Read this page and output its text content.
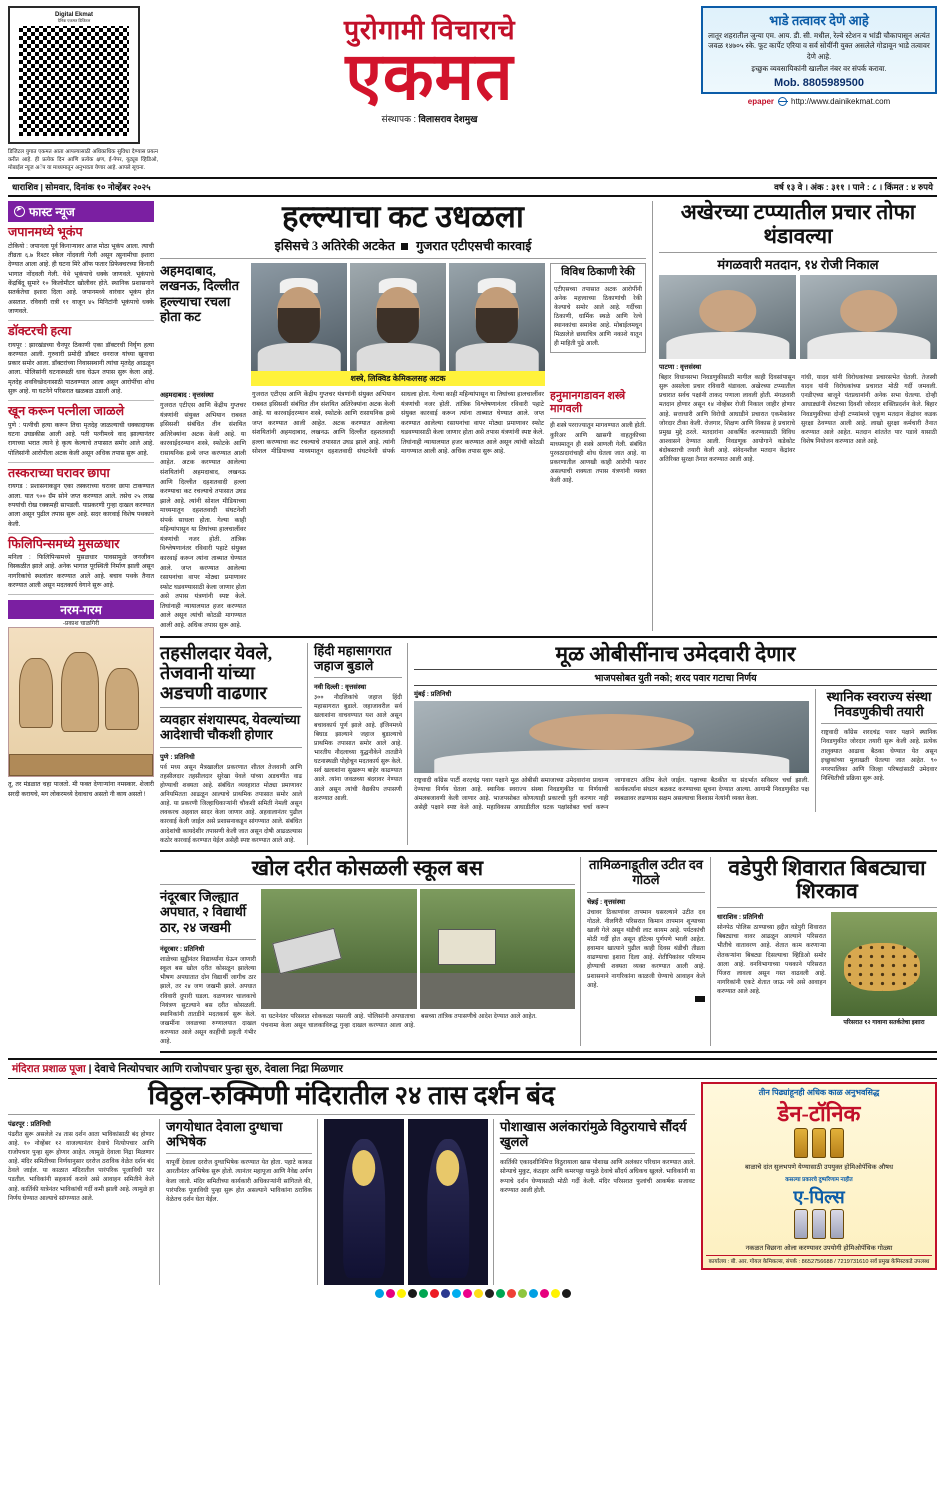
Digital Ekmat
दैनिक एकमत डिजिटल
डिजिटल युगात एकमत आता आपल्यासाठी अधिकाधिक सुविधा देण्यास प्रयत्न करीत आहे. ही प्रत्येक दिन आणि प्रत्येक क्षण, ई-पेपर, यूट्यूब व्हिडिओ, मोबाईल न्यूज अॅप या माध्यमातून अनुभवता येणार आहे. आपले सूचना.
पुरोगामी विचाराचे
एकमत
संस्थापक : विलासराव देशमुख
भाडे तत्वावर देणे आहे
लातूर शहरातील जुन्या एम. आय. डी. सी. मधील, रेल्वे स्टेशन व भांडी चौकापासून अत्यंत जवळ १४७०५ स्के. फूट कार्पेट एरिया व सर्व सोयींनी युक्त असलेले गोडावून भाडे तत्वावर देणे आहे.
इच्छुक व्यवसायिकांनी खालील नंबर वर संपर्क करावा.
Mob. 8805989500
epaper http://www.dainikekmat.com
धाराशिव | सोमवार, दिनांक १० नोव्हेंबर २०२५	वर्ष १३ वे । अंक : ३११ । पाने : ८ । किंमत : ४ रुपये
➤
फास्ट न्यूज
जपानमध्ये भूकंप
टोकियो : जपानला पूर्व किनाऱ्यावर आज मोठा भूकंप आला. त्याची तीव्रता ६.७ रिश्टर स्केल नोंदवली गेली असून त्सुनामीचा इशारा देण्यात आला आहे. ही घटना मिरे ऑफ फतार प्रिफेक्चरच्या किनारी भागात नोंदवली गेली. येथे भूकंपाचे धक्के जाणवले. भूकंपाचे केंद्रबिंदू सुमारे १० किलोमीटर खोलीवर होते. स्थानिक प्रशासनाने सतर्कतेचा इशारा दिला आहे. जपानमध्ये वारंवार भूकंप होत असतात. रविवारी रात्री ११ वाजून ४५ मिनिटांनी भूकंपाचे धक्के जाणवले.
डॉक्टरची हत्या
रायपूर : झारखंडच्या चैनपूर ठिकाणी एका डॉक्टरची निर्घृण हत्या करण्यात आली. गुरुवारी प्रमोदी डॉक्टर धनराज यांच्या खुनाचा प्रकार समोर आला. डॉक्टरांच्या निवासस्थानी त्यांचा मृतदेह आढळून आला. पोलिसांनी घटनास्थळी धाव घेऊन तपास सुरू केला आहे. मृतदेह शवविच्छेदनासाठी पाठवण्यात आला असून आरोपींचा शोध सुरू आहे. या घटनेने परिसरात खळबळ उडाली आहे.
खून करून पत्नीला जाळले
पुणे : पत्नीची हत्या करून तिचा मृतदेह जाळल्याची धक्कादायक घटना उघडकीस आली आहे. पती पत्नीमध्ये वाद झाल्यानंतर रागाच्या भरात त्याने हे कृत्य केल्याचे तपासात समोर आले आहे. पोलिसांनी आरोपीला अटक केली असून अधिक तपास सुरू आहे.
तस्कराच्या घरावर छापा
रायगड : प्रशासनाकडून एका तस्कराच्या घरावर छापा टाकण्यात आला. यात ९०० ग्रॅम सोने जप्त करण्यात आले. तसेच २५ लाख रुपयांची रोख रक्कमही सापडली. याप्रकरणी गुन्हा दाखल करण्यात आला असून पुढील तपास सुरू आहे. सदर कारवाई विशेष पथकाने केली.
फिलिपिन्समध्ये मुसळधार
मनिला : फिलिपिन्समध्ये मुसळधार पावसामुळे जनजीवन विस्कळीत झाले आहे. अनेक भागात पूरस्थिती निर्माण झाली असून नागरिकांचे स्थलांतर करण्यात आले आहे. बचाव पथके तैनात करण्यात आली असून मदतकार्य वेगाने सुरू आहे.
नरम-गरम
-प्रकाश चाळगिरी
तू, तर मंडळात चहा पाजतो. मी फक्त देणाऱ्यांना नमस्कार. शेजारी सरदी करायचे, मग लोकरमध्ये देवाचाच असतो नी काय असतो !
हल्ल्याचा कट उधळला
इसिसचे 3 अतिरेकी अटकेत गुजरात एटीएसची कारवाई
अहमदाबाद, लखनऊ, दिल्लीत हल्ल्याचा रचला होता कट
शस्त्रे, लिक्विड केमिकलसह अटक
विविध ठिकाणी रेकी
एटीएसच्या तपासात अटक आरोपींनी अनेक महत्त्वाच्या ठिकाणांची रेकी केल्याचे समोर आले आहे. गर्दीच्या ठिकाणी, धार्मिक स्थळे आणि रेल्वे स्थानकांचा समावेश आहे. मोबाईलमधून मिळालेले छायाचित्र आणि नकाशे यातून ही माहिती पुढे आली.
अहमदाबाद : वृत्तसंस्था
गुजरात एटीएस आणि केंद्रीय गुप्तचर यंत्रणांनी संयुक्त अभियान राबवत इसिसशी संबंधित तीन संशयित अतिरेक्यांना अटक केली आहे. या कारवाईदरम्यान शस्त्रे, स्फोटके आणि रासायनिक द्रव्ये जप्त करण्यात आली आहेत. अटक करण्यात आलेल्या संशयितांनी अहमदाबाद, लखनऊ आणि दिल्लीत दहशतवादी हल्ला करण्याचा कट रचल्याचे तपासात उघड झाले आहे. त्यांनी सोशल मीडियाच्या माध्यमातून दहशतवादी संघटनेशी संपर्क साधला होता. गेल्या काही महिन्यांपासून या तिघांच्या हालचालींवर यंत्रणांची नजर होती. तांत्रिक विश्लेषणानंतर रविवारी पहाटे संयुक्त कारवाई करून त्यांना ताब्यात घेण्यात आले. जप्त करण्यात आलेल्या रसायनांचा वापर मोठ्या प्रमाणावर स्फोट घडवण्यासाठी केला जाणार होता असे तपास यंत्रणांनी स्पष्ट केले. तिघांनाही न्यायालयात हजर करण्यात आले असून त्यांची कोठडी मागण्यात आली आहे. अधिक तपास सुरू आहे.
गुजरात एटीएस आणि केंद्रीय गुप्तचर यंत्रणांनी संयुक्त अभियान राबवत इसिसशी संबंधित तीन संशयित अतिरेक्यांना अटक केली आहे. या कारवाईदरम्यान शस्त्रे, स्फोटके आणि रासायनिक द्रव्ये जप्त करण्यात आली आहेत. अटक करण्यात आलेल्या संशयितांनी अहमदाबाद, लखनऊ आणि दिल्लीत दहशतवादी हल्ला करण्याचा कट रचल्याचे तपासात उघड झाले आहे. त्यांनी सोशल मीडियाच्या माध्यमातून दहशतवादी संघटनेशी संपर्क साधला होता. गेल्या काही महिन्यांपासून या तिघांच्या हालचालींवर यंत्रणांची नजर होती. तांत्रिक विश्लेषणानंतर रविवारी पहाटे संयुक्त कारवाई करून त्यांना ताब्यात घेण्यात आले. जप्त करण्यात आलेल्या रसायनांचा वापर मोठ्या प्रमाणावर स्फोट घडवण्यासाठी केला जाणार होता असे तपास यंत्रणांनी स्पष्ट केले. तिघांनाही न्यायालयात हजर करण्यात आले असून त्यांची कोठडी मागण्यात आली आहे. अधिक तपास सुरू आहे.
हनुमानगडावन शस्त्रे मागवली
ही शस्त्रे परराज्यातून मागवण्यात आली होती. कुरिअर आणि खासगी वाहतुकीच्या माध्यमातून ही शस्त्रे आणली गेली. संबंधित पुरवठादारांचाही शोध घेतला जात आहे. या प्रकरणातील आणखी काही आरोपी फरार असल्याची शक्यता तपास यंत्रणांनी व्यक्त केली आहे.
अखेरच्या टप्प्यातील प्रचार तोफा थंडावल्या
मंगळवारी मतदान, १४ रोजी निकाल
पाटणा : वृत्तसंस्था
बिहार विधानसभा निवडणुकीसाठी मागील काही दिवसांपासून सुरू असलेला प्रचार रविवारी थंडावला. अखेरच्या टप्प्यातील प्रचारात सर्वच पक्षांनी ताकद पणाला लावली होती. मंगळवारी मतदान होणार असून १४ नोव्हेंबर रोजी निकाल जाहीर होणार आहे. सत्ताधारी आणि विरोधी आघाडीने प्रचारात एकमेकांवर जोरदार टीका केली. रोजगार, शिक्षण आणि विकास हे प्रचाराचे प्रमुख मुद्दे ठरले. मतदारांना आकर्षित करण्यासाठी विविध आश्वासने देण्यात आली. निवडणूक आयोगाने कडेकोट बंदोबस्ताची तयारी केली आहे. संवेदनशील मतदान केंद्रांवर अतिरिक्त सुरक्षा तैनात करण्यात आली आहे.
गांधी, यादव यांनी विरोधकांच्या प्रचारसभेत घेतली. तेजस्वी यादव यांनी विरोधकांच्या प्रचारात मोठी गर्दी जमवली. एनडीएच्या बाजूने पंतप्रधानांनी अनेक सभा घेतल्या. दोन्ही आघाड्यांनी शेवटच्या दिवशी जोरदार शक्तिप्रदर्शन केले. बिहार निवडणुकीच्या दोन्ही टप्प्यांमध्ये एकूण मतदान केंद्रांवर कडक सुरक्षा ठेवण्यात आली आहे. लाखो सुरक्षा कर्मचारी तैनात करण्यात आले आहेत. मतदान शांततेत पार पडावे यासाठी विशेष नियोजन करण्यात आले आहे.
तहसीलदार येवले, तेजवानी यांच्या अडचणी वाढणार
व्यवहार संशयास्पद, येवल्यांच्या आदेशाची चौकशी होणार
पुणे : प्रतिनिधी
पर्व मध्य असून मैत्रखालील प्रकरणात शीतल तेजवानी आणि तहसीलदार तहसीलदार सुरेखा येवले यांच्या अडचणीत वाढ होण्याची शक्यता आहे. संबंधित व्यवहारात मोठ्या प्रमाणावर अनियमितता आढळून आल्याचे प्राथमिक तपासात समोर आले आहे. या प्रकरणी जिल्हाधिकाऱ्यांनी चौकशी समिती नेमली असून लवकरच अहवाल सादर केला जाणार आहे. अहवालानंतर पुढील कारवाई केली जाईल असे प्रशासनाकडून सांगण्यात आले. संबंधित आदेशांची कायदेशीर तपासणी केली जात असून दोषी आढळल्यास कठोर कारवाई करण्यात येईल असेही स्पष्ट करण्यात आले आहे.
हिंदी महासागरात जहाज बुडाले
नवी दिल्ली : वृत्तसंस्था
३०० नौदलिकांचे जहाज हिंदी महासागरात बुडाले. जहाजावरील सर्व खलाशांना वाचवण्यात यश आले असून बचावकार्य पूर्ण झाले आहे. इंजिनमध्ये बिघाड झाल्याने जहाज बुडाल्याचे प्राथमिक तपासात समोर आले आहे. भारतीय नौदलाच्या युद्धनौकेने तातडीने घटनास्थळी पोहोचून मदतकार्य सुरू केले. सर्व खलाशांना सुखरूप बाहेर काढण्यात आले. त्यांना जवळच्या बंदरावर नेण्यात आले असून त्यांची वैद्यकीय तपासणी करण्यात आली.
मूळ ओबीसींनाच उमेदवारी देणार
भाजपसोबत युती नको; शरद पवार गटाचा निर्णय
मुंबई : प्रतिनिधी
राष्ट्रवादी काँग्रेस पार्टी शरदचंद्र पवार पक्षाने मूळ ओबीसी समाजाच्या उमेदवारांना प्राधान्य देण्याचा निर्णय घेतला आहे. स्थानिक स्वराज्य संस्था निवडणुकीत या निर्णयाची अंमलबजावणी केली जाणार आहे. भाजपसोबत कोणत्याही प्रकारची युती करणार नाही असेही पक्षाने स्पष्ट केले आहे. महाविकास आघाडीतील घटक पक्षांसोबत चर्चा करून जागावाटप अंतिम केले जाईल. पक्षाच्या बैठकीत या संदर्भात सविस्तर चर्चा झाली. कार्यकर्त्यांना संघटन बळकट करण्याच्या सूचना देण्यात आल्या. आगामी निवडणुकीत पक्ष स्वबळावर लढण्यास सक्षम असल्याचा विश्वास नेत्यांनी व्यक्त केला.
स्थानिक स्वराज्य संस्था निवडणुकीची तयारी
राष्ट्रवादी काँग्रेस शरदचंद्र पवार पक्षाने स्थानिक निवडणुकीत जोरदार तयारी सुरू केली आहे. प्रत्येक तालुक्यात आढावा बैठका घेण्यात येत असून इच्छुकांच्या मुलाखती घेतल्या जात आहेत. ९० नगरपालिका आणि जिल्हा परिषदांसाठी उमेदवार निश्चितीची प्रक्रिया सुरू आहे.
खोल दरीत कोसळली स्कूल बस
नंदूरबार जिल्ह्यात अपघात, २ विद्यार्थी ठार, २४ जखमी
नंदूरबार : प्रतिनिधी
शाळेच्या सुट्टीनंतर विद्यार्थ्यांना घेऊन जाणारी स्कूल बस खोल दरीत कोसळून झालेल्या भीषण अपघातात दोन विद्यार्थी जागीच ठार झाले, तर २४ जण जखमी झाले. अपघात रविवारी दुपारी घडला. वळणावर चालकाचे नियंत्रण सुटल्याने बस दरीत कोसळली. स्थानिकांनी तातडीने मदतकार्य सुरू केले. जखमींना जवळच्या रुग्णालयात दाखल करण्यात आले असून काहींची प्रकृती गंभीर आहे.
या घटनेनंतर परिसरात शोककळा पसरली आहे. पोलिसांनी अपघाताचा पंचनामा केला असून चालकाविरुद्ध गुन्हा दाखल करण्यात आला आहे. बसच्या तांत्रिक तपासणीचे आदेश देण्यात आले आहेत.
तामिळनाडूतील उटीत दव गोठले
चेन्नई : वृत्तसंस्था
उंचावर ठिकाणांवर तापमान घसरल्याने उटीत दव गोठले. नीलगिरी परिसरात किमान तापमान शून्याच्या खाली गेले असून थंडीची लाट कायम आहे. पर्यटकांची मोठी गर्दी होत असून हॉटेल्स पूर्णपणे भरली आहेत. हवामान खात्याने पुढील काही दिवस थंडीची तीव्रता वाढण्याचा इशारा दिला आहे. शेतीपिकांवर परिणाम होण्याची शक्यता व्यक्त करण्यात आली आहे. प्रशासनाने नागरिकांना काळजी घेण्याचे आवाहन केले आहे.
वडेपुरी शिवारात बिबट्याचा शिरकाव
धाराशिव : प्रतिनिधी
सोनपेठ पोलिस ठाण्याच्या हद्दीत वडेपुरी शिवारात बिबट्याचा वावर आढळून आल्याने परिसरात भीतीचे वातावरण आहे. शेतात काम करणाऱ्या शेतकऱ्यांना बिबट्या दिसल्याचा व्हिडिओ समोर आला आहे. वनविभागाच्या पथकाने परिसरात पिंजरा लावला असून गस्त वाढवली आहे. नागरिकांनी एकटे शेतात जाऊ नये असे आवाहन करण्यात आले आहे.
परिसरात १२ गावाना सतर्कतेचा इशारा
मंदिरात प्रशाळ पूजा | देवाचे नित्योपचार आणि राजोपचार पुन्हा सुरु, देवाला निद्रा मिळणार
विठ्ठल-रुक्मिणी मंदिरातील २४ तास दर्शन बंद
पंढरपूर : प्रतिनिधी
पंढरीत सुरू असलेले २४ तास दर्शन आता भाविकांसाठी बंद होणार आहे. १० नोव्हेंबर १२ वाजल्यानंतर देवाचे नित्योपचार आणि राजोपचार पुन्हा सुरू होणार आहेत. त्यामुळे देवाला निद्रा मिळणार आहे. मंदिर समितीच्या निर्णयानुसार दररोज ठराविक वेळेत दर्शन बंद ठेवले जाईल. या काळात मंदिरातील पारंपरिक पूजाविधी पार पडतील. भाविकांनी सहकार्य करावे असे आवाहन समितीने केले आहे. कार्तिकी यात्रेनंतर भाविकांची गर्दी कमी झाली आहे. त्यामुळे हा निर्णय घेण्यात आल्याचे सांगण्यात आले.
जगयोधात देवाला दुग्धाचा अभिषेक
यापूर्वी देवाला दररोज दुग्धाभिषेक करण्यात येत होता. पहाटे काकड आरतीनंतर अभिषेक सुरू होतो. त्यानंतर महापूजा आणि नैवेद्य अर्पण केला जातो. मंदिर समितीच्या कार्यकारी अधिकाऱ्यांनी सांगितले की, पारंपरिक पूजाविधी पुन्हा सुरू होत असल्याने भाविकांना ठराविक वेळेतच दर्शन घेता येईल.
पोशाखास अलंकारांमुळे विठुरायाचे सौंदर्य खुलले
कार्तिकी एकादशीनिमित्त विठुरायाला खास पोशाख आणि अलंकार परिधान करण्यात आले. सोन्याचे मुकुट, कंठहार आणि कमरपट्टा यामुळे देवाचे सौंदर्य अधिकच खुलले. भाविकांनी या रूपाचे दर्शन घेण्यासाठी मोठी गर्दी केली. मंदिर परिसरात फुलांची आकर्षक सजावट करण्यात आली होती.
तीन पिढ्यांहूनही अधिक काळ अनुभवसिद्ध
डेन-टॉनिक
बाळाचे दांत सुलभपणे येण्यासाठी उपयुक्त होमिओपॅथिक औषध
कसल्या प्रकारचे दुष्परिणाम नाहीत
ए-पिल्स
नकळत विछाना ओला करण्यावर उपयोगी होमिओपॅथिक गोळ्या
कार्यालय : बी. आर. गोयल केमिकल्स, संपर्क : 8652756688 / 7219731610 सर्व प्रमुख केमिस्टकडे उपलब्ध
